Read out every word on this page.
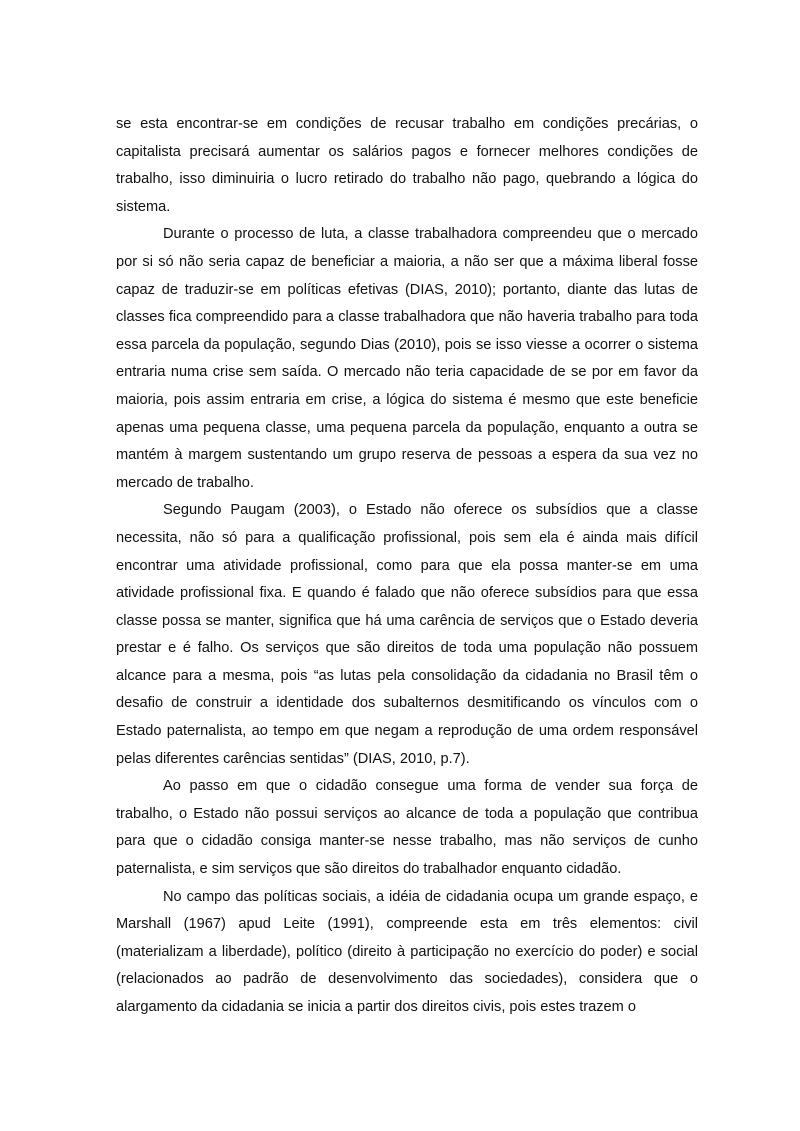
se esta encontrar-se em condições de recusar trabalho em condições precárias, o capitalista precisará aumentar os salários pagos e fornecer melhores condições de trabalho, isso diminuiria o lucro retirado do trabalho não pago, quebrando a lógica do sistema.

Durante o processo de luta, a classe trabalhadora compreendeu que o mercado por si só não seria capaz de beneficiar a maioria, a não ser que a máxima liberal fosse capaz de traduzir-se em políticas efetivas (DIAS, 2010); portanto, diante das lutas de classes fica compreendido para a classe trabalhadora que não haveria trabalho para toda essa parcela da população, segundo Dias (2010), pois se isso viesse a ocorrer o sistema entraria numa crise sem saída. O mercado não teria capacidade de se por em favor da maioria, pois assim entraria em crise, a lógica do sistema é mesmo que este beneficie apenas uma pequena classe, uma pequena parcela da população, enquanto a outra se mantém à margem sustentando um grupo reserva de pessoas a espera da sua vez no mercado de trabalho.

Segundo Paugam (2003), o Estado não oferece os subsídios que a classe necessita, não só para a qualificação profissional, pois sem ela é ainda mais difícil encontrar uma atividade profissional, como para que ela possa manter-se em uma atividade profissional fixa. E quando é falado que não oferece subsídios para que essa classe possa se manter, significa que há uma carência de serviços que o Estado deveria prestar e é falho. Os serviços que são direitos de toda uma população não possuem alcance para a mesma, pois “as lutas pela consolidação da cidadania no Brasil têm o desafio de construir a identidade dos subalternos desmitificando os vínculos com o Estado paternalista, ao tempo em que negam a reprodução de uma ordem responsável pelas diferentes carências sentidas” (DIAS, 2010, p.7).

Ao passo em que o cidadão consegue uma forma de vender sua força de trabalho, o Estado não possui serviços ao alcance de toda a população que contribua para que o cidadão consiga manter-se nesse trabalho, mas não serviços de cunho paternalista, e sim serviços que são direitos do trabalhador enquanto cidadão.

No campo das políticas sociais, a idéia de cidadania ocupa um grande espaço, e Marshall (1967) apud Leite (1991), compreende esta em três elementos: civil (materializam a liberdade), político (direito à participação no exercício do poder) e social (relacionados ao padrão de desenvolvimento das sociedades), considera que o alargamento da cidadania se inicia a partir dos direitos civis, pois estes trazem o
